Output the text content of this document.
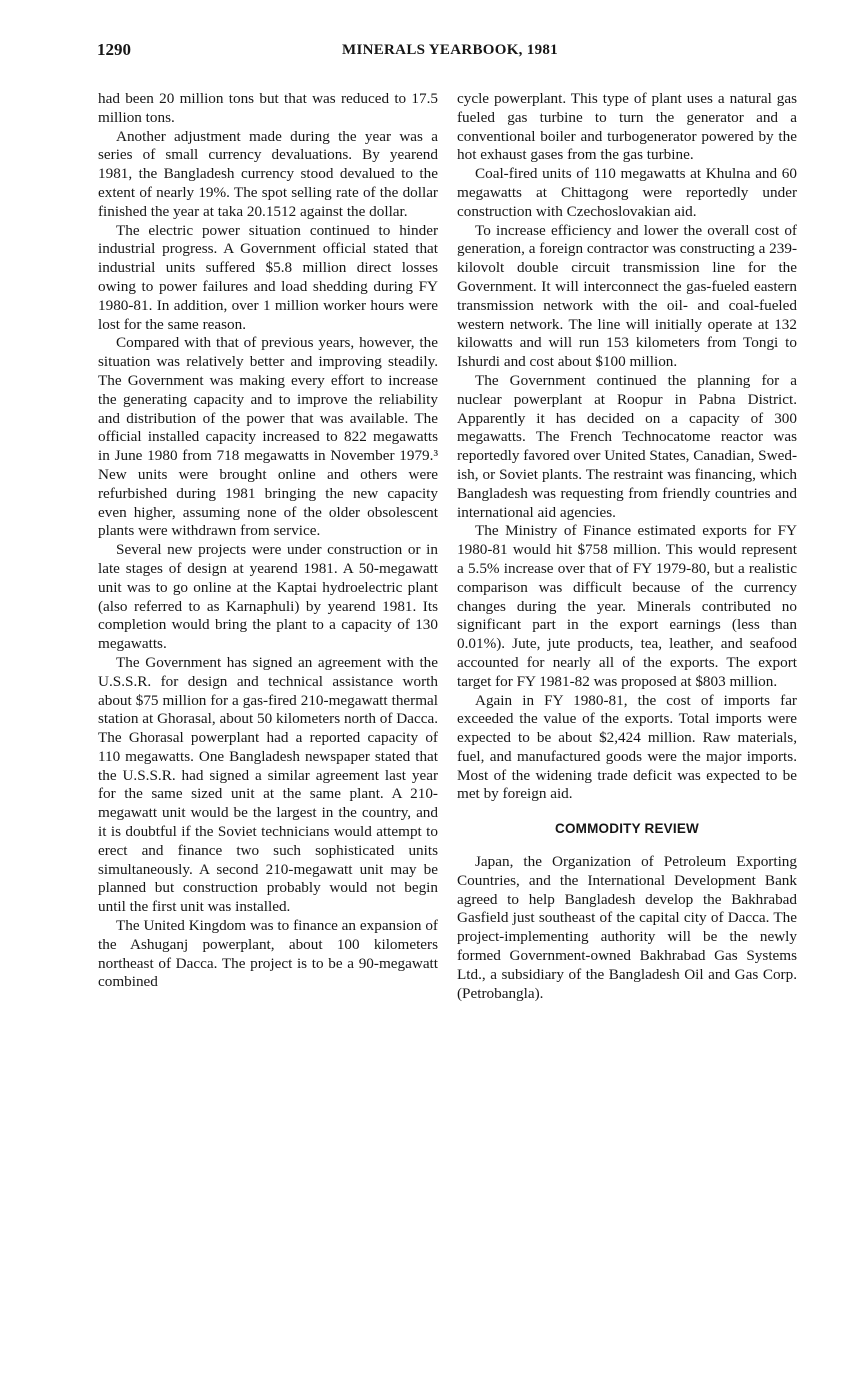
1290	MINERALS YEARBOOK, 1981

had been 20 million tons but that was reduced to 17.5 million tons.

Another adjustment made during the year was a series of small currency devaluations. By yearend 1981, the Bangladesh currency stood devalued to the extent of nearly 19%. The spot selling rate of the dollar finished the year at taka 20.1512 against the dollar.

The electric power situation continued to hinder industrial progress. A Government official stated that industrial units suffered $5.8 million direct losses owing to power failures and load shedding during FY 1980-81. In addition, over 1 million worker hours were lost for the same reason.

Compared with that of previous years, however, the situation was relatively better and improving steadily. The Government was making every effort to increase the generating capacity and to improve the reliability and distribution of the power that was available. The official installed capacity increased to 822 megawatts in June 1980 from 718 megawatts in November 1979.³ New units were brought online and others were refurbished during 1981 bringing the new capacity even higher, assuming none of the older obsolescent plants were withdrawn from service.

Several new projects were under construction or in late stages of design at yearend 1981. A 50-megawatt unit was to go online at the Kaptai hydroelectric plant (also referred to as Karnaphuli) by yearend 1981. Its completion would bring the plant to a capacity of 130 megawatts.

The Government has signed an agreement with the U.S.S.R. for design and technical assistance worth about $75 million for a gas-fired 210-megawatt thermal station at Ghorasal, about 50 kilometers north of Dacca. The Ghorasal powerplant had a reported capacity of 110 megawatts. One Bangladesh newspaper stated that the U.S.S.R. had signed a similar agreement last year for the same sized unit at the same plant. A 210-megawatt unit would be the largest in the country, and it is doubtful if the Soviet technicians would attempt to erect and finance two such sophisticated units simultaneously. A second 210-megawatt unit may be planned but construction probably would not begin until the first unit was installed.

The United Kingdom was to finance an expansion of the Ashuganj powerplant, about 100 kilometers northeast of Dacca. The project is to be a 90-megawatt combined

cycle powerplant. This type of plant uses a natural gas fueled gas turbine to turn the generator and a conventional boiler and turbogenerator powered by the hot exhaust gases from the gas turbine.

Coal-fired units of 110 megawatts at Khulna and 60 megawatts at Chittagong were reportedly under construction with Czechoslovakian aid.

To increase efficiency and lower the overall cost of generation, a foreign contractor was constructing a 239-kilovolt double circuit transmission line for the Government. It will interconnect the gas-fueled eastern transmission network with the oil- and coal-fueled western network. The line will initially operate at 132 kilowatts and will run 153 kilometers from Tongi to Ishurdi and cost about $100 million.

The Government continued the planning for a nuclear powerplant at Roopur in Pabna District. Apparently it has decided on a capacity of 300 megawatts. The French Technocatome reactor was reportedly favored over United States, Canadian, Swedish, or Soviet plants. The restraint was financing, which Bangladesh was requesting from friendly countries and international aid agencies.

The Ministry of Finance estimated exports for FY 1980-81 would hit $758 million. This would represent a 5.5% increase over that of FY 1979-80, but a realistic comparison was difficult because of the currency changes during the year. Minerals contributed no significant part in the export earnings (less than 0.01%). Jute, jute products, tea, leather, and seafood accounted for nearly all of the exports. The export target for FY 1981-82 was proposed at $803 million.

Again in FY 1980-81, the cost of imports far exceeded the value of the exports. Total imports were expected to be about $2,424 million. Raw materials, fuel, and manufactured goods were the major imports. Most of the widening trade deficit was expected to be met by foreign aid.

COMMODITY REVIEW

Japan, the Organization of Petroleum Exporting Countries, and the International Development Bank agreed to help Bangladesh develop the Bakhrabad Gasfield just southeast of the capital city of Dacca. The project-implementing authority will be the newly formed Government-owned Bakhrabad Gas Systems Ltd., a subsidiary of the Bangladesh Oil and Gas Corp. (Petrobangla).
